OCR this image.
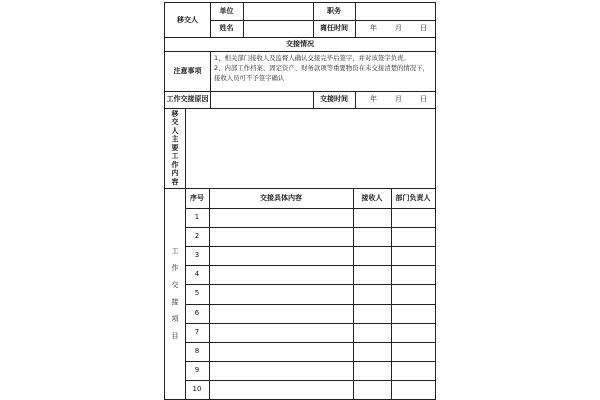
移交人
单位	职务
姓名	离任时间	年	月	日
交接情况
注意事项

1、相关部门接收人及监督人确认交接完毕后签字，并对该签字负责。

2、内部工作档案、固定资产、财务款项等重要物资在未交接清楚的情况下，接收人员可不予签字确认

工作交接原因	交接时间	年	月	日
移
交
人
主
要
工
作
内
容
工
作
交
接
项
目
序号	交接具体内容	接收人	部门负责人
1
2
3
4
5
6
7
8
9
10
